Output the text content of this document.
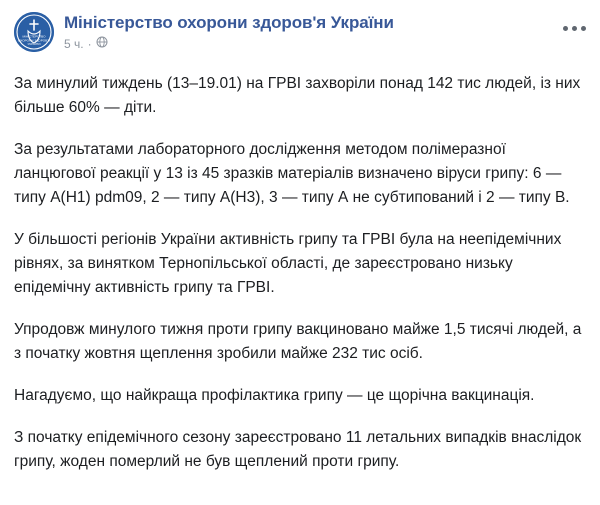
МІНІСТЕРСТВО
ОХОРОНИ ЗДОРОВ'Я
УКРАЇНИ
Міністерство охорони здоров'я України
5 ч. ·

За минулий тиждень (13–19.01) на ГРВІ захворіли понад 142 тис людей, із них більше 60% — діти.

За результатами лабораторного дослідження методом полімеразної ланцюгової реакції у 13 із 45 зразків матеріалів визначено віруси грипу: 6 — типу A(H1) pdm09, 2 — типу A(H3), 3 — типу А не субтипований і 2 — типу В.

У більшості регіонів України активність грипу та ГРВІ була на неепідемічних рівнях, за винятком Тернопільської області, де зареєстровано низьку епідемічну активність грипу та ГРВІ.

Упродовж минулого тижня проти грипу вакциновано майже 1,5 тисячі людей, а з початку жовтня щеплення зробили майже 232 тис осіб.

Нагадуємо, що найкраща профілактика грипу — це щорічна вакцинація.

З початку епідемічного сезону зареєстровано 11 летальних випадків внаслідок грипу, жоден померлий не був щеплений проти грипу.
